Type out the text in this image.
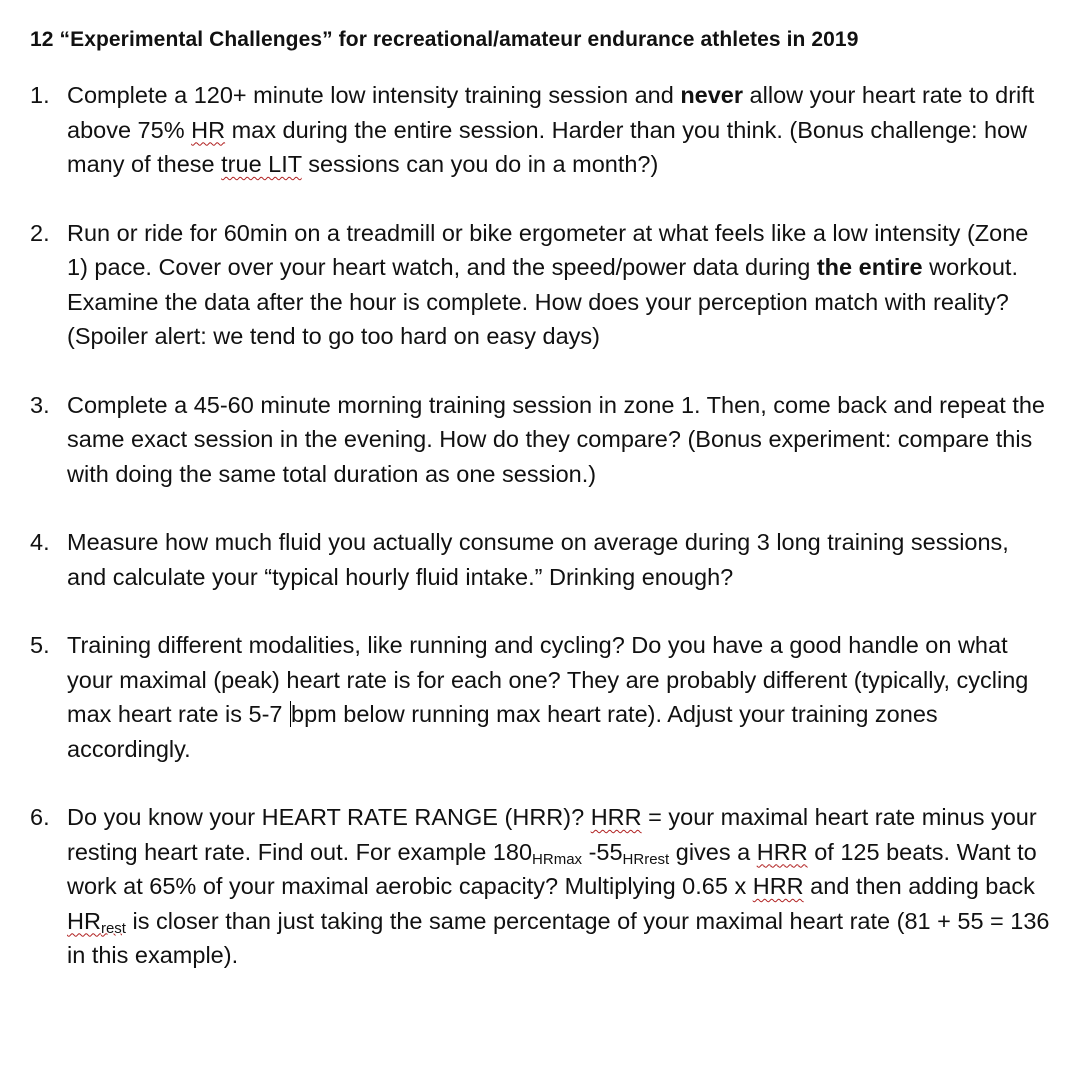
12 “Experimental Challenges” for recreational/amateur endurance athletes in 2019
1. Complete a 120+ minute low intensity training session and never allow your heart rate to drift above 75% HR max during the entire session. Harder than you think. (Bonus challenge: how many of these true LIT sessions can you do in a month?)

2. Run or ride for 60min on a treadmill or bike ergometer at what feels like a low intensity (Zone 1) pace. Cover over your heart watch, and the speed/power data during the entire workout. Examine the data after the hour is complete. How does your perception match with reality? (Spoiler alert: we tend to go too hard on easy days)

3. Complete a 45-60 minute morning training session in zone 1. Then, come back and repeat the same exact session in the evening. How do they compare? (Bonus experiment: compare this with doing the same total duration as one session.)

4. Measure how much fluid you actually consume on average during 3 long training sessions, and calculate your “typical hourly fluid intake.” Drinking enough?

5. Training different modalities, like running and cycling? Do you have a good handle on what your maximal (peak) heart rate is for each one? They are probably different (typically, cycling max heart rate is 5-7 bpm below running max heart rate). Adjust your training zones accordingly.

6. Do you know your HEART RATE RANGE (HRR)? HRR = your maximal heart rate minus your resting heart rate. Find out. For example $180_{HRmax}$ $-55_{HRrest}$ gives a HRR of 125 beats. Want to work at 65% of your maximal aerobic capacity? Multiplying 0.65 x HRR and then adding back $HR_{rest}$ is closer than just taking the same percentage of your maximal heart rate (81 + 55 = 136 in this example).
